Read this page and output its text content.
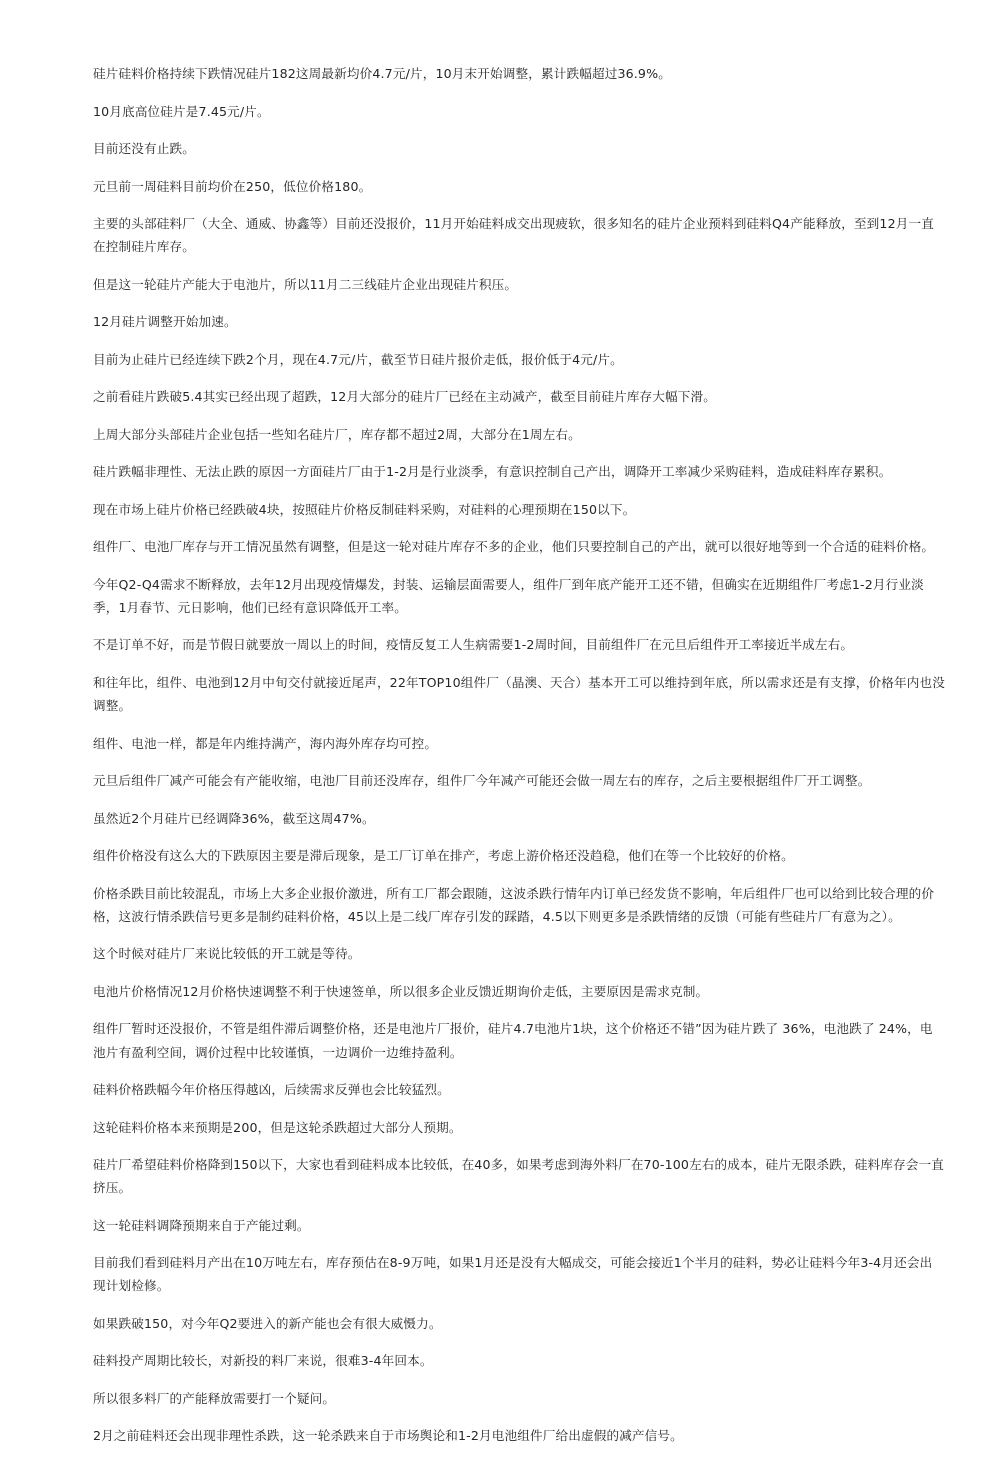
硅片硅料价格持续下跌情况硅片182这周最新均价4.7元/片，10月末开始调整，累计跌幅超过36.9%。

10月底高位硅片是7.45元/片。

目前还没有止跌。

元旦前一周硅料目前均价在250，低位价格180。

主要的头部硅料厂（大全、通威、协鑫等）目前还没报价，11月开始硅料成交出现疲软，很多知名的硅片企业预料到硅料Q4产能释放，至到12月一直在控制硅片库存。

但是这一轮硅片产能大于电池片，所以11月二三线硅片企业出现硅片积压。

12月硅片调整开始加速。

目前为止硅片已经连续下跌2个月，现在4.7元/片，截至节日硅片报价走低，报价低于4元/片。

之前看硅片跌破5.4其实已经出现了超跌，12月大部分的硅片厂已经在主动减产，截至目前硅片库存大幅下滑。

上周大部分头部硅片企业包括一些知名硅片厂，库存都不超过2周，大部分在1周左右。

硅片跌幅非理性、无法止跌的原因一方面硅片厂由于1-2月是行业淡季，有意识控制自己产出，调降开工率减少采购硅料，造成硅料库存累积。

现在市场上硅片价格已经跌破4块，按照硅片价格反制硅料采购，对硅料的心理预期在150以下。

组件厂、电池厂库存与开工情况虽然有调整，但是这一轮对硅片库存不多的企业，他们只要控制自己的产出，就可以很好地等到一个合适的硅料价格。

今年Q2-Q4需求不断释放，去年12月出现疫情爆发，封装、运输层面需要人，组件厂到年底产能开工还不错，但确实在近期组件厂考虑1-2月行业淡季，1月春节、元日影响，他们已经有意识降低开工率。

不是订单不好，而是节假日就要放一周以上的时间，疫情反复工人生病需要1-2周时间，目前组件厂在元旦后组件开工率接近半成左右。

和往年比，组件、电池到12月中旬交付就接近尾声，22年TOP10组件厂（晶澳、天合）基本开工可以维持到年底，所以需求还是有支撑，价格年内也没调整。

组件、电池一样，都是年内维持满产，海内海外库存均可控。

元旦后组件厂减产可能会有产能收缩，电池厂目前还没库存，组件厂今年减产可能还会做一周左右的库存，之后主要根据组件厂开工调整。

虽然近2个月硅片已经调降36%，截至这周47%。

组件价格没有这么大的下跌原因主要是滞后现象，是工厂订单在排产，考虑上游价格还没趋稳，他们在等一个比较好的价格。

价格杀跌目前比较混乱，市场上大多企业报价激进，所有工厂都会跟随，这波杀跌行情年内订单已经发货不影响，年后组件厂也可以给到比较合理的价格，这波行情杀跌信号更多是制约硅料价格，45以上是二线厂库存引发的踩踏，4.5以下则更多是杀跌情绪的反馈（可能有些硅片厂有意为之）。

这个时候对硅片厂来说比较低的开工就是等待。

电池片价格情况12月价格快速调整不利于快速签单，所以很多企业反馈近期询价走低，主要原因是需求克制。

组件厂暂时还没报价，不管是组件滞后调整价格，还是电池片厂报价，硅片4.7电池片1块，这个价格还不错”因为硅片跌了 36%，电池跌了 24%，电池片有盈利空间，调价过程中比较谨慎，一边调价一边维持盈利。

硅料价格跌幅今年价格压得越凶，后续需求反弹也会比较猛烈。

这轮硅料价格本来预期是200，但是这轮杀跌超过大部分人预期。

硅片厂希望硅料价格降到150以下，大家也看到硅料成本比较低，在40多，如果考虑到海外料厂在70-100左右的成本，硅片无限杀跌，硅料库存会一直挤压。

这一轮硅料调降预期来自于产能过剩。

目前我们看到硅料月产出在10万吨左右，库存预估在8-9万吨，如果1月还是没有大幅成交，可能会接近1个半月的硅料，势必让硅料今年3-4月还会出现计划检修。

如果跌破150，对今年Q2要进入的新产能也会有很大威慑力。

硅料投产周期比较长，对新投的料厂来说，很难3-4年回本。

所以很多料厂的产能释放需要打一个疑问。

2月之前硅料还会出现非理性杀跌，这一轮杀跌来自于市场舆论和1-2月电池组件厂给出虚假的减产信号。
